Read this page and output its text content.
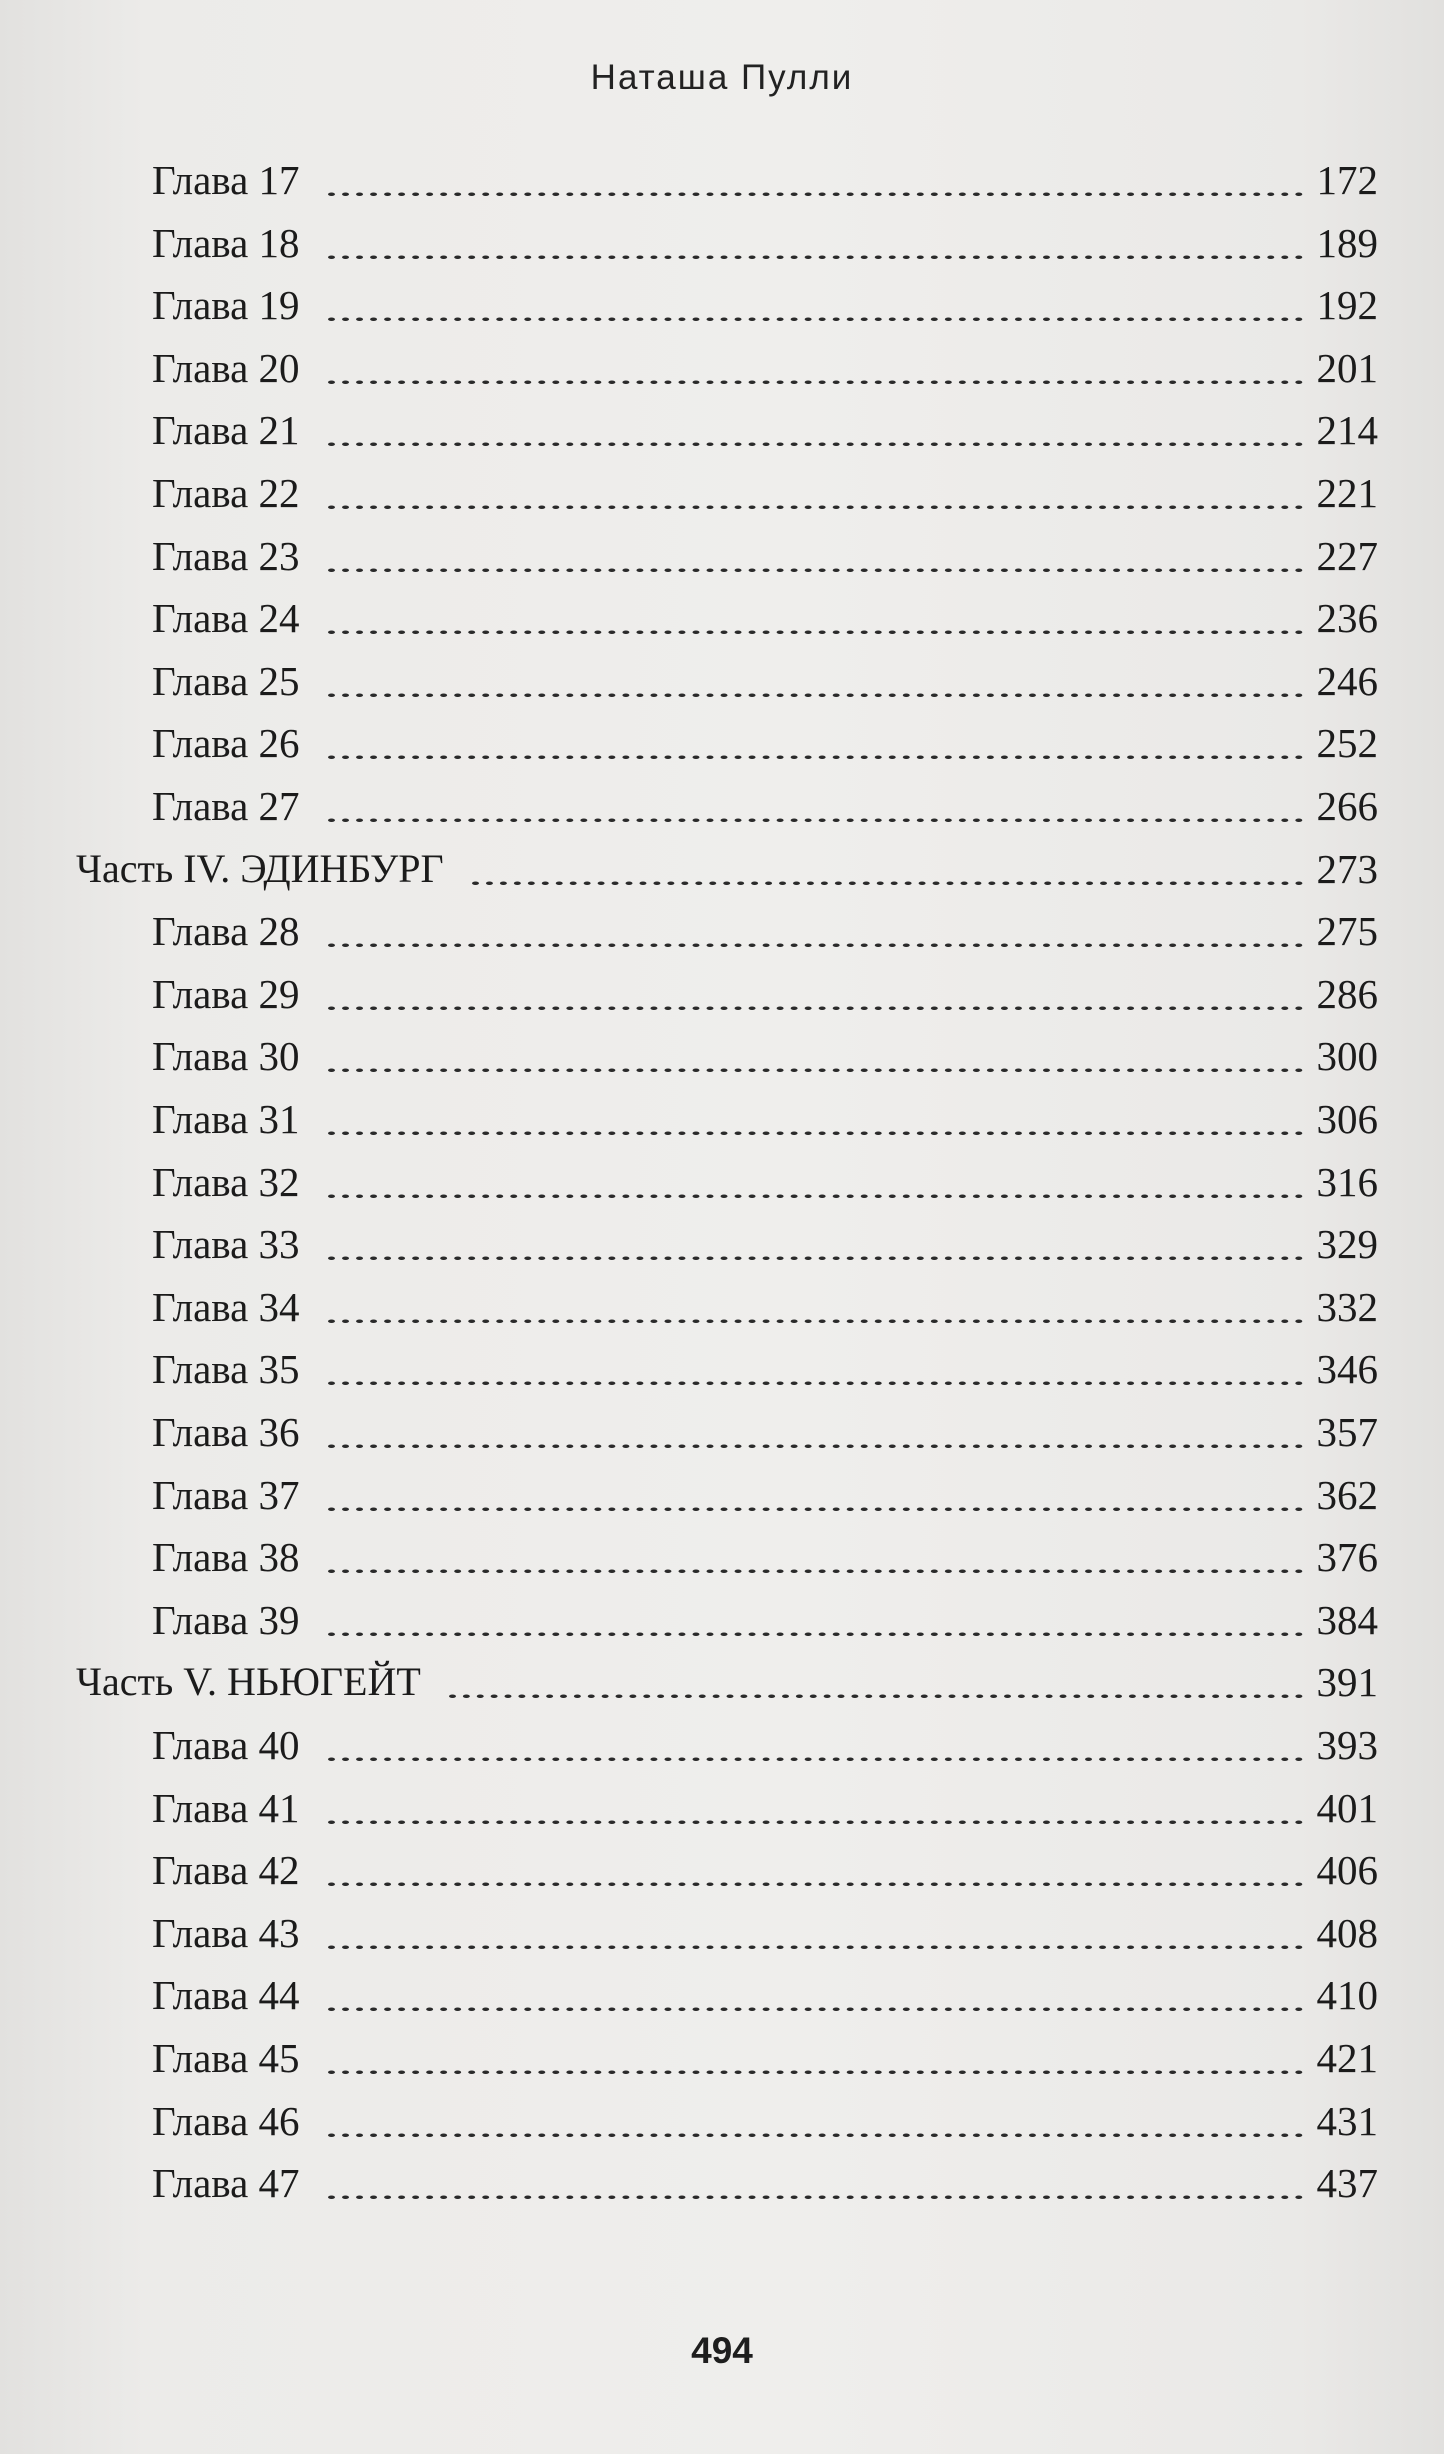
Наташа Пулли
Глава 17	172
Глава 18	189
Глава 19	192
Глава 20	201
Глава 21	214
Глава 22	221
Глава 23	227
Глава 24	236
Глава 25	246
Глава 26	252
Глава 27	266
Часть IV. ЭДИНБУРГ	273
Глава 28	275
Глава 29	286
Глава 30	300
Глава 31	306
Глава 32	316
Глава 33	329
Глава 34	332
Глава 35	346
Глава 36	357
Глава 37	362
Глава 38	376
Глава 39	384
Часть V. НЬЮГЕЙТ	391
Глава 40	393
Глава 41	401
Глава 42	406
Глава 43	408
Глава 44	410
Глава 45	421
Глава 46	431
Глава 47	437
494
